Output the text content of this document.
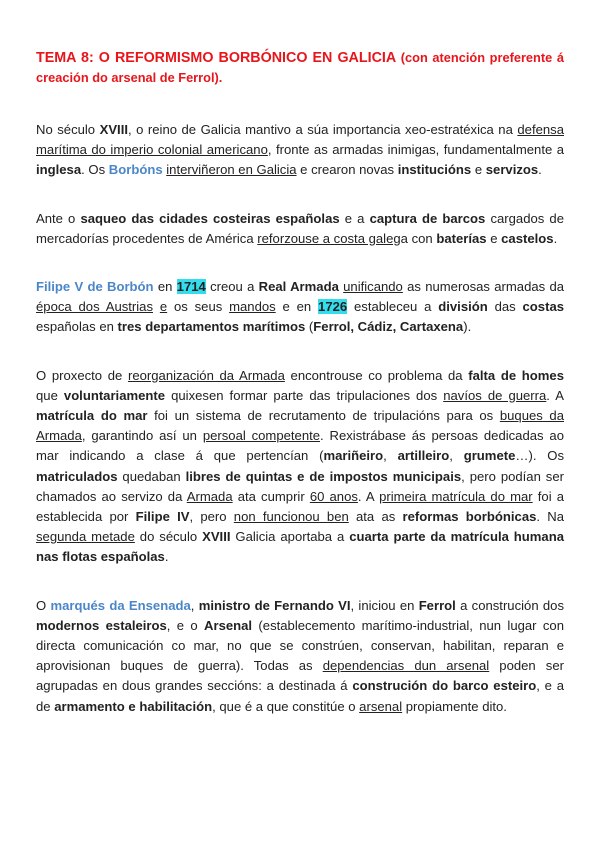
TEMA 8: O REFORMISMO BORBÓNICO EN GALICIA (con atención preferente á creación do arsenal de Ferrol).

No século XVIII, o reino de Galicia mantivo a súa importancia xeo-estratéxica na defensa marítima do imperio colonial americano, fronte as armadas inimigas, fundamentalmente a inglesa. Os Borbóns interviñeron en Galicia e crearon novas institucións e servizos.

Ante o saqueo das cidades costeiras españolas e a captura de barcos cargados de mercadorías procedentes de América reforzouse a costa galega con baterías e castelos.

Filipe V de Borbón en 1714 creou a Real Armada unificando as numerosas armadas da época dos Austrias e os seus mandos e en 1726 estableceu a división das costas españolas en tres departamentos marítimos (Ferrol, Cádiz, Cartaxena).

O proxecto de reorganización da Armada encontrouse co problema da falta de homes que voluntariamente quixesen formar parte das tripulaciones dos navíos de guerra. A matrícula do mar foi un sistema de recrutamento de tripulacións para os buques da Armada, garantindo así un persoal competente. Rexistrábase ás persoas dedicadas ao mar indicando a clase á que pertencían (mariñeiro, artilleiro, grumete…). Os matriculados quedaban libres de quintas e de impostos municipais, pero podían ser chamados ao servizo da Armada ata cumprir 60 anos. A primeira matrícula do mar foi a establecida por Filipe IV, pero non funcionou ben ata as reformas borbónicas. Na segunda metade do século XVIII Galicia aportaba a cuarta parte da matrícula humana nas flotas españolas.

O marqués da Ensenada, ministro de Fernando VI, iniciou en Ferrol a construción dos modernos estaleiros, e o Arsenal (establecemento marítimo-industrial, nun lugar con directa comunicación co mar, no que se constrúen, conservan, habilitan, reparan e aprovisionan buques de guerra). Todas as dependencias dun arsenal poden ser agrupadas en dous grandes seccións: a destinada á construción do barco esteiro, e a de armamento e habilitación, que é a que constitúe o arsenal propiamente dito.
